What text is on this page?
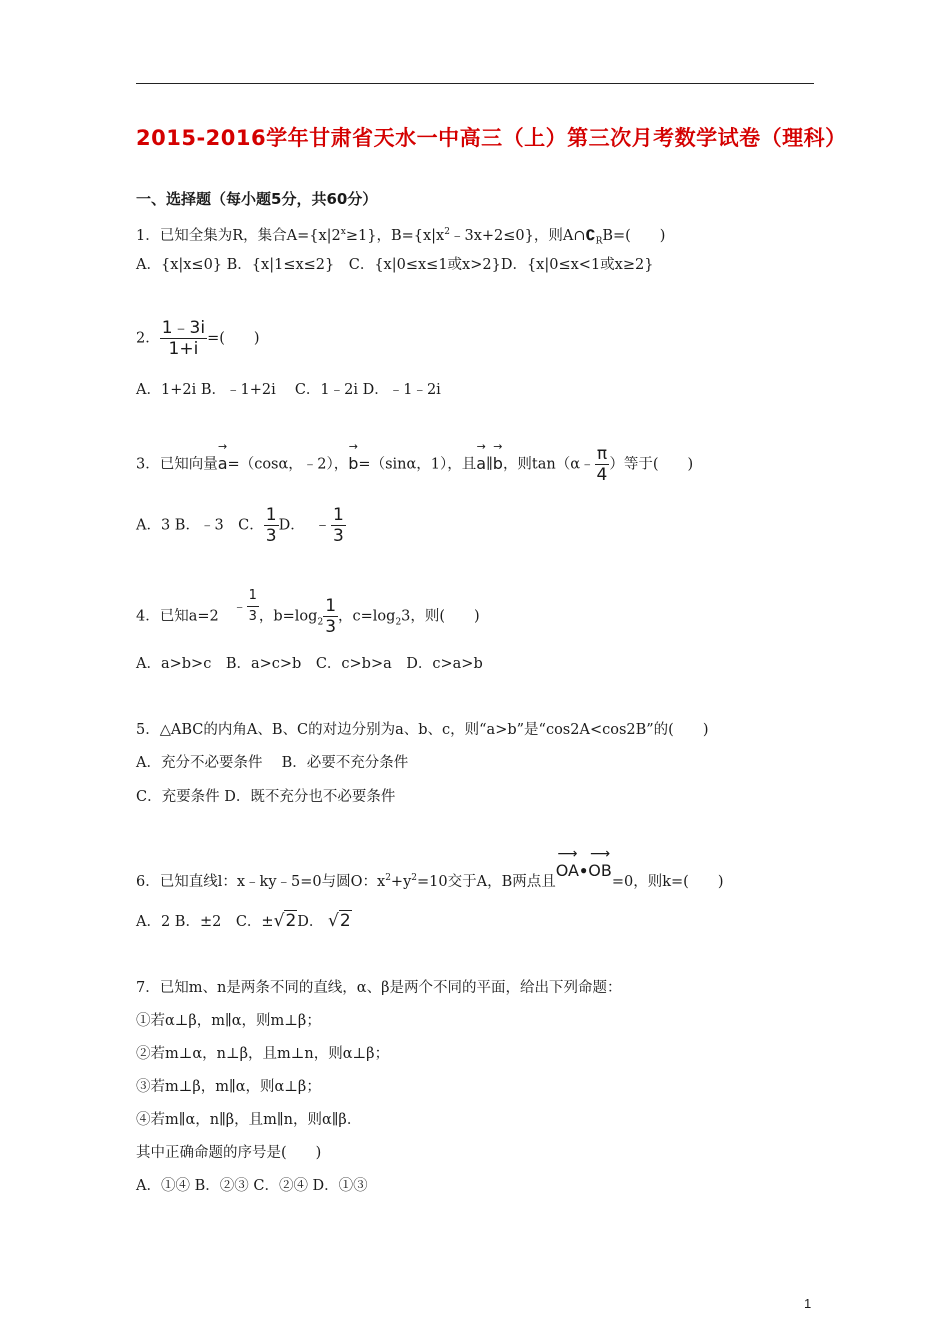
2015-2016学年甘肃省天水一中高三（上）第三次月考数学试卷（理科）
一、选择题（每小题5分，共60分）
1．已知全集为R，集合$A=\{x|2^x\ge 1\}$，$B=\{x|x^2﹣3x+2\le 0\}$，则$A\cap∁_RB=$(　　)
A．{x|x≤0} B．{x|1≤x≤2}　C．{x|0≤x≤1或x>2}D．{x|0≤x<1或x≥2}
2． $\frac{1﹣3i}{1+i}$ =(　　)
A．1+2i B．﹣1+2i　 C．1﹣2i D．﹣1﹣2i
3．已知向量
→
a=（cosα，﹣2），
→
b=（sinα，1），且
→
a∥
→
b，则tan（α﹣ $\frac{\pi}{4}$ ）等于(　　)
A．3 B．﹣3　C． $\frac{1}{3}$ D． ﹣ $\frac{1}{3}$
4．已知a=2   ﹣ $\frac{1}{3}$ ，$b=\log_2 \frac{1}{3}$ ，$c=\log_23$，则(　　)
A．a>b>c　B．a>c>b　C．c>b>a　D．c>a>b
5．△ABC的内角A、B、C的对边分别为a、b、c，则“a>b”是“cos2A<cos2B”的(　　)
A．充分不必要条件　 B．必要不充分条件
C．充要条件 D．既不充分也不必要条件
6．已知直线l：x﹣ky﹣5=0与圆O：$x^2+y^2=10$交于A，B两点且
⟶
OA•
⟶
OB=0，则k=(　　)
A．2 B．±2　C．±√2D． √2
7．已知m、n是两条不同的直线，α、β是两个不同的平面，给出下列命题：
①若α⊥β，m∥α，则m⊥β；
②若m⊥α，n⊥β，且m⊥n，则α⊥β；
③若m⊥β，m∥α，则α⊥β；
④若m∥α，n∥β，且m∥n，则α∥β．
其中正确命题的序号是(　　)
A．①④ B．②③ C．②④ D．①③
1
